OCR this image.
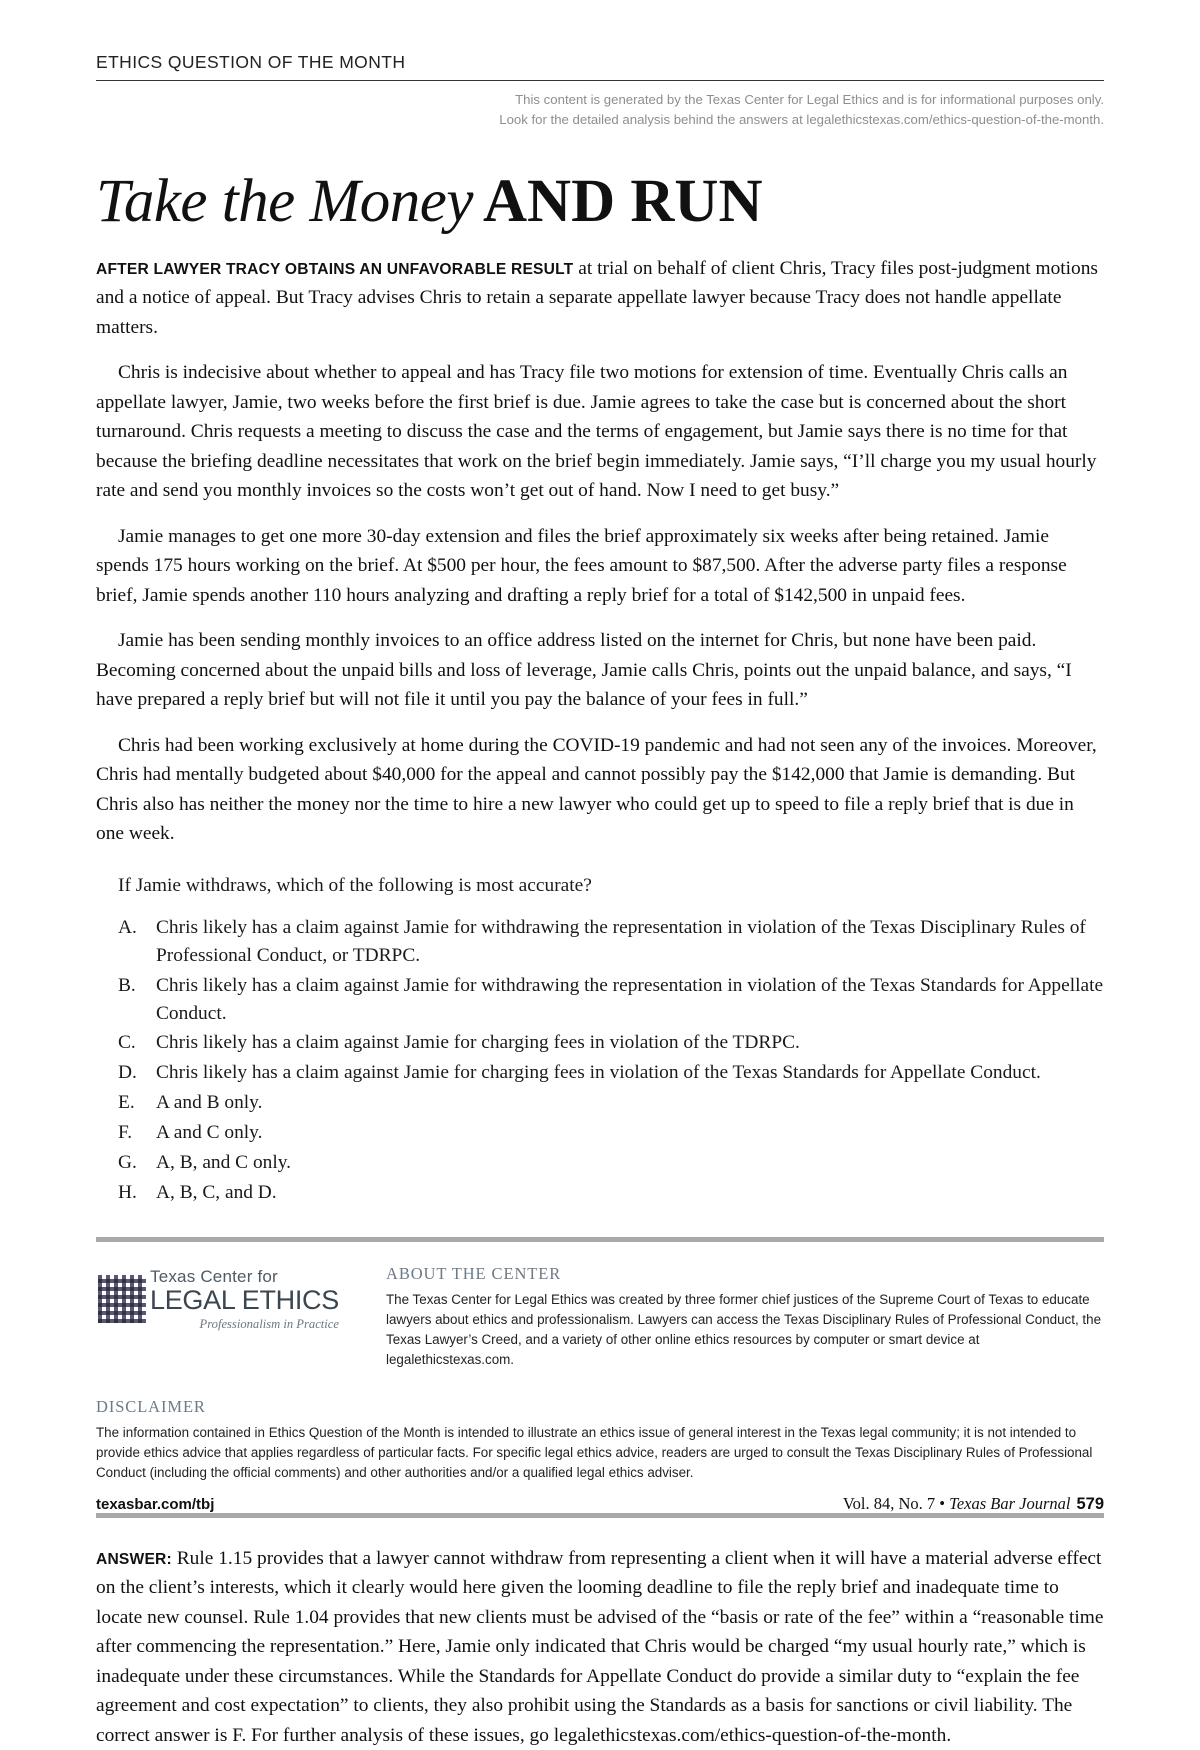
ETHICS QUESTION OF THE MONTH
This content is generated by the Texas Center for Legal Ethics and is for informational purposes only.
Look for the detailed analysis behind the answers at legalethicstexas.com/ethics-question-of-the-month.
Take the Money AND RUN

AFTER LAWYER TRACY OBTAINS AN UNFAVORABLE RESULT at trial on behalf of client Chris, Tracy files post-judgment motions and a notice of appeal. But Tracy advises Chris to retain a separate appellate lawyer because Tracy does not handle appellate matters.

Chris is indecisive about whether to appeal and has Tracy file two motions for extension of time. Eventually Chris calls an appellate lawyer, Jamie, two weeks before the first brief is due. Jamie agrees to take the case but is concerned about the short turnaround. Chris requests a meeting to discuss the case and the terms of engagement, but Jamie says there is no time for that because the briefing deadline necessitates that work on the brief begin immediately. Jamie says, “I’ll charge you my usual hourly rate and send you monthly invoices so the costs won’t get out of hand. Now I need to get busy.”

Jamie manages to get one more 30-day extension and files the brief approximately six weeks after being retained. Jamie spends 175 hours working on the brief. At $500 per hour, the fees amount to $87,500. After the adverse party files a response brief, Jamie spends another 110 hours analyzing and drafting a reply brief for a total of $142,500 in unpaid fees.

Jamie has been sending monthly invoices to an office address listed on the internet for Chris, but none have been paid. Becoming concerned about the unpaid bills and loss of leverage, Jamie calls Chris, points out the unpaid balance, and says, “I have prepared a reply brief but will not file it until you pay the balance of your fees in full.”

Chris had been working exclusively at home during the COVID-19 pandemic and had not seen any of the invoices. Moreover, Chris had mentally budgeted about $40,000 for the appeal and cannot possibly pay the $142,000 that Jamie is demanding. But Chris also has neither the money nor the time to hire a new lawyer who could get up to speed to file a reply brief that is due in one week.

If Jamie withdraws, which of the following is most accurate?
A. Chris likely has a claim against Jamie for withdrawing the representation in violation of the Texas Disciplinary Rules of Professional Conduct, or TDRPC.
B.	Chris likely has a claim against Jamie for withdrawing the representation in violation of the Texas Standards for Appellate Conduct.
C.	Chris likely has a claim against Jamie for charging fees in violation of the TDRPC.
D. Chris likely has a claim against Jamie for charging fees in violation of the Texas Standards for Appellate Conduct.
E.	A and B only.
F.	A and C only.
G. A, B, and C only.
H. A, B, C, and D.
Texas Center for
LEGAL ETHICS
Professionalism in Practice
ABOUT THE CENTER
The Texas Center for Legal Ethics was created by three former chief justices of the Supreme Court of Texas to educate lawyers about ethics and professionalism. Lawyers can access the Texas Disciplinary Rules of Professional Conduct, the Texas Lawyer’s Creed, and a variety of other online ethics resources by computer or smart device at legalethicstexas.com.
DISCLAIMER
The information contained in Ethics Question of the Month is intended to illustrate an ethics issue of general interest in the Texas legal community; it is not intended to provide ethics advice that applies regardless of particular facts. For specific legal ethics advice, readers are urged to consult the Texas Disciplinary Rules of Professional Conduct (including the official comments) and other authorities and/or a qualified legal ethics adviser.

ANSWER: Rule 1.15 provides that a lawyer cannot withdraw from representing a client when it will have a material adverse effect on the client’s interests, which it clearly would here given the looming deadline to file the reply brief and inadequate time to locate new counsel. Rule 1.04 provides that new clients must be advised of the “basis or rate of the fee” within a “reasonable time after commencing the representation.” Here, Jamie only indicated that Chris would be charged “my usual hourly rate,” which is inadequate under these circumstances. While the Standards for Appellate Conduct do provide a similar duty to “explain the fee agreement and cost expectation” to clients, they also prohibit using the Standards as a basis for sanctions or civil liability. The correct answer is F. For further analysis of these issues, go legalethicstexas.com/ethics-question-of-the-month.

texasbar.com/tbj	Vol. 84, No. 7 • Texas Bar Journal 579
